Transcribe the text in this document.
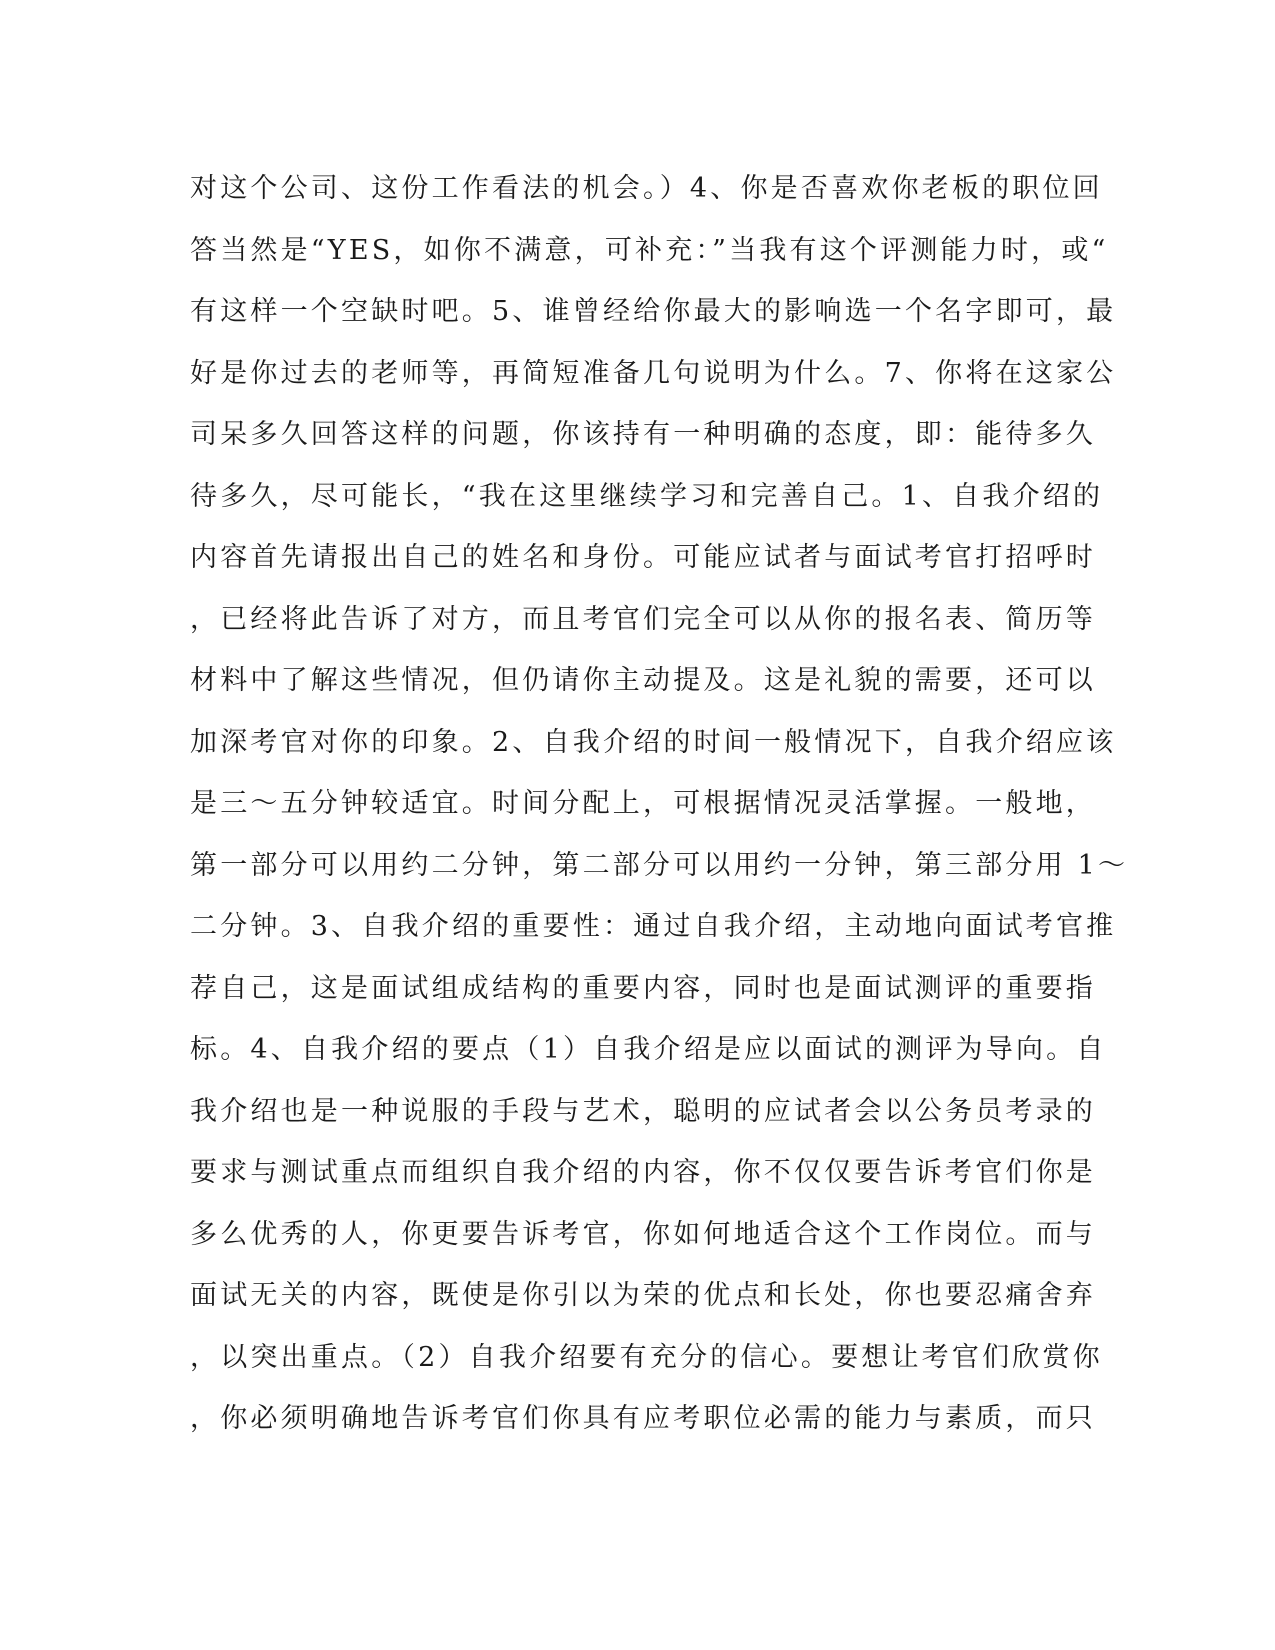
对这个公司、这份工作看法的机会。）4、你是否喜欢你老板的职位回
答当然是“YES，如你不满意，可补充：”当我有这个评测能力时，或“
有这样一个空缺时吧。5、谁曾经给你最大的影响选一个名字即可，最
好是你过去的老师等，再简短准备几句说明为什么。7、你将在这家公
司呆多久回答这样的问题，你该持有一种明确的态度，即：能待多久
待多久，尽可能长，“我在这里继续学习和完善自己。1、自我介绍的
内容首先请报出自己的姓名和身份。可能应试者与面试考官打招呼时
，已经将此告诉了对方，而且考官们完全可以从你的报名表、简历等
材料中了解这些情况，但仍请你主动提及。这是礼貌的需要，还可以
加深考官对你的印象。2、自我介绍的时间一般情况下，自我介绍应该
是三～五分钟较适宜。时间分配上，可根据情况灵活掌握。一般地，
第一部分可以用约二分钟，第二部分可以用约一分钟，第三部分用 1～
二分钟。3、自我介绍的重要性：通过自我介绍，主动地向面试考官推
荐自己，这是面试组成结构的重要内容，同时也是面试测评的重要指
标。4、自我介绍的要点（1）自我介绍是应以面试的测评为导向。自
我介绍也是一种说服的手段与艺术，聪明的应试者会以公务员考录的
要求与测试重点而组织自我介绍的内容，你不仅仅要告诉考官们你是
多么优秀的人，你更要告诉考官，你如何地适合这个工作岗位。而与
面试无关的内容，既使是你引以为荣的优点和长处，你也要忍痛舍弃
，以突出重点。（2）自我介绍要有充分的信心。要想让考官们欣赏你
，你必须明确地告诉考官们你具有应考职位必需的能力与素质，而只
